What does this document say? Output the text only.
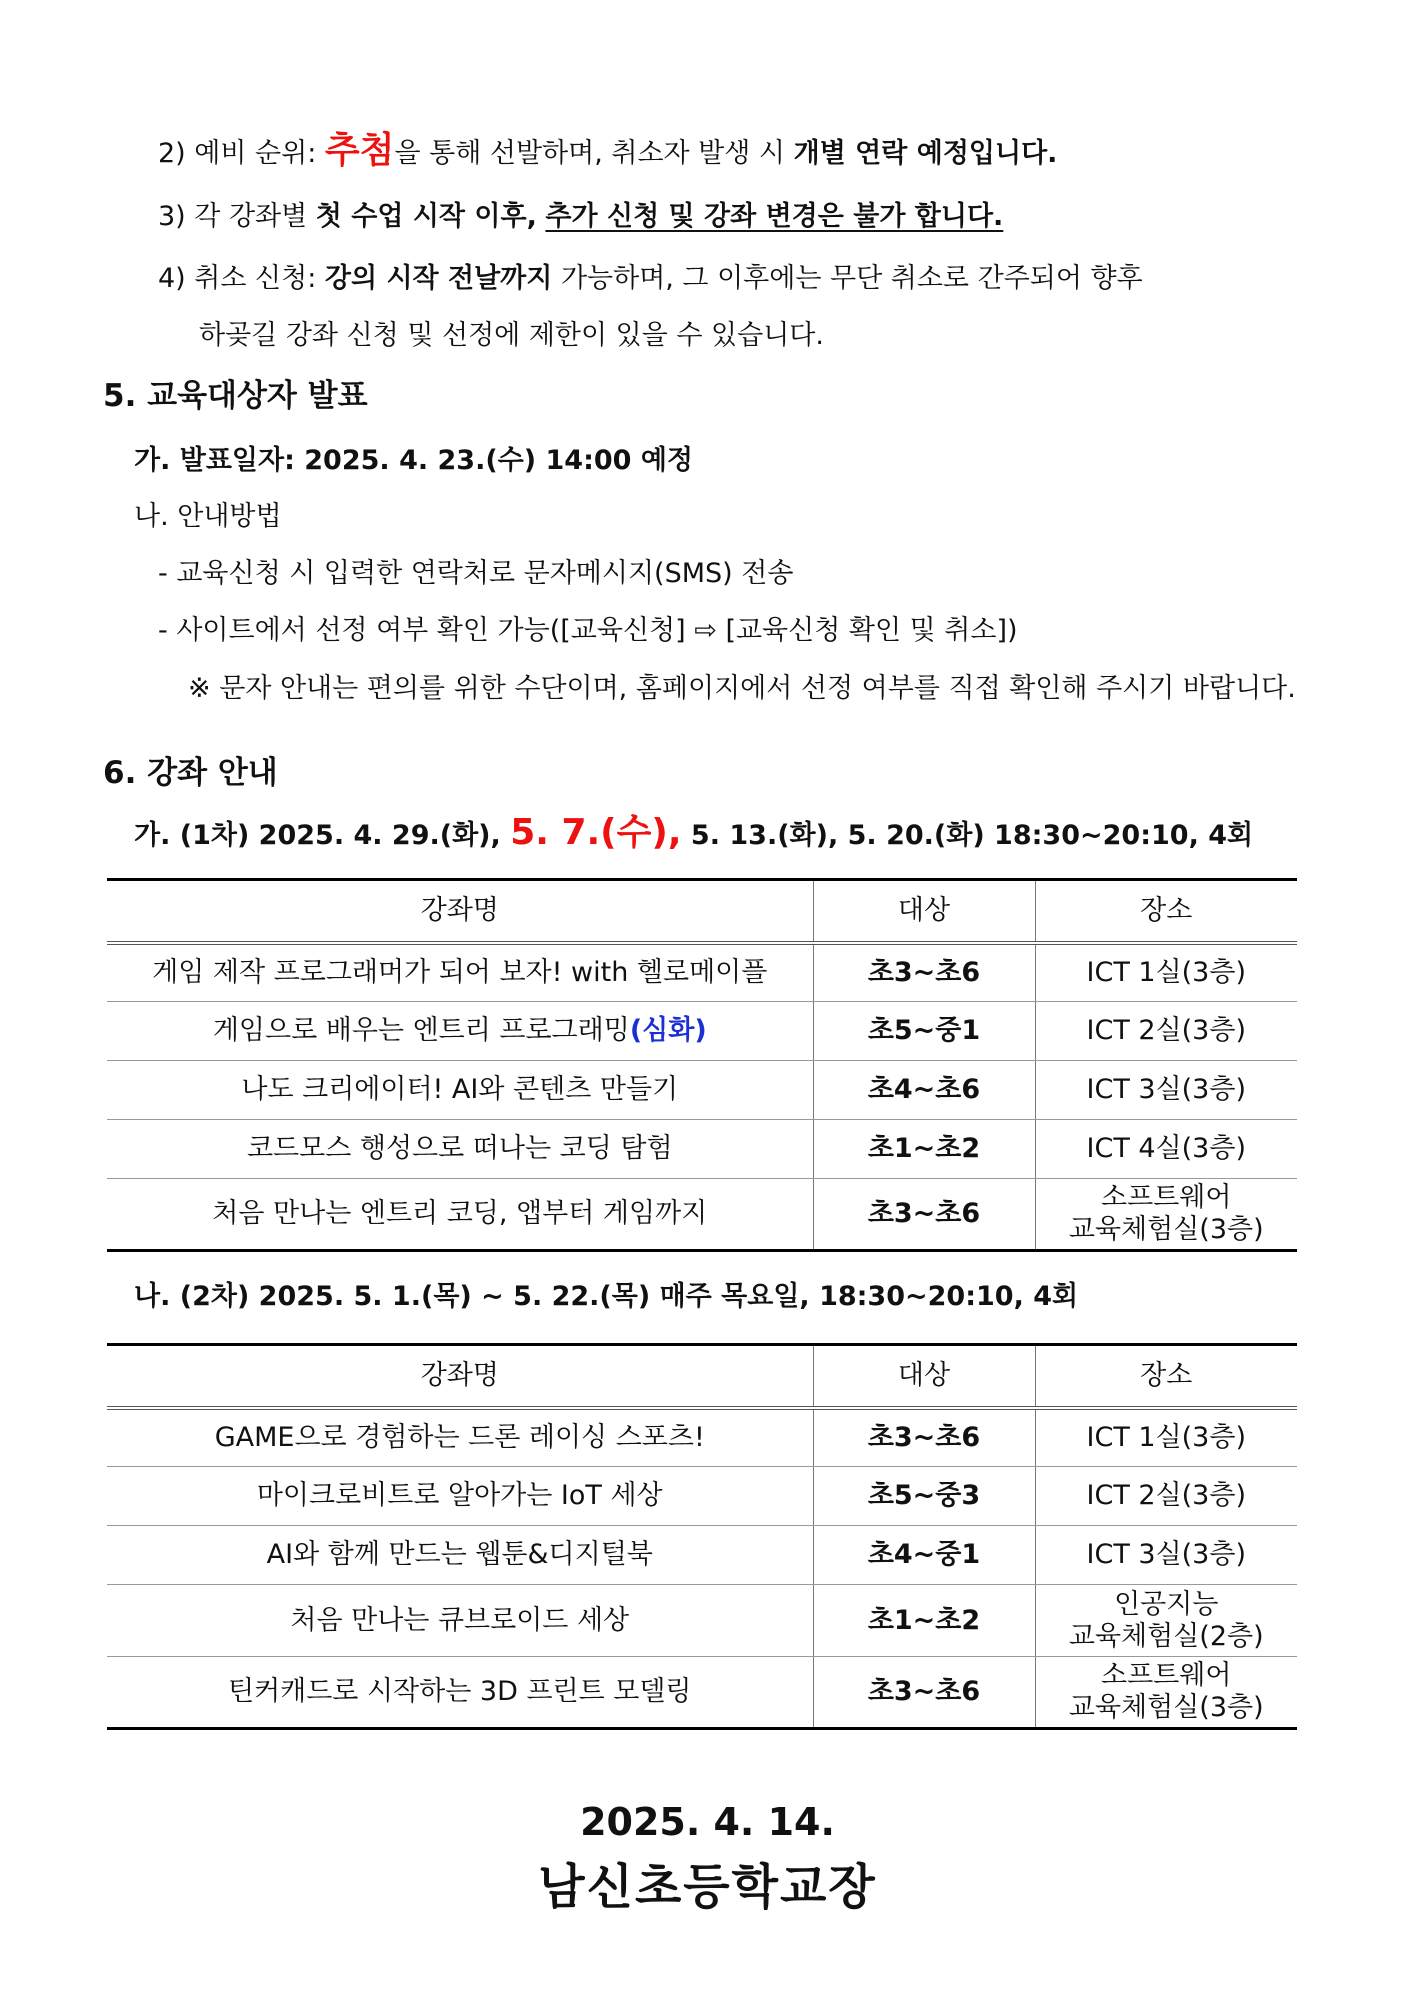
2) 예비 순위: 추첨을 통해 선발하며, 취소자 발생 시 개별 연락 예정입니다.
3) 각 강좌별 첫 수업 시작 이후, 추가 신청 및 강좌 변경은 불가 합니다.
4) 취소 신청: 강의 시작 전날까지 가능하며, 그 이후에는 무단 취소로 간주되어 향후
하곶길 강좌 신청 및 선정에 제한이 있을 수 있습니다.
5. 교육대상자 발표
가. 발표일자: 2025. 4. 23.(수) 14:00 예정
나. 안내방법
- 교육신청 시 입력한 연락처로 문자메시지(SMS) 전송
- 사이트에서 선정 여부 확인 가능([교육신청] ⇨ [교육신청 확인 및 취소])
※ 문자 안내는 편의를 위한 수단이며, 홈페이지에서 선정 여부를 직접 확인해 주시기 바랍니다.
6. 강좌 안내
가. (1차) 2025. 4. 29.(화), 5. 7.(수), 5. 13.(화), 5. 20.(화) 18:30~20:10, 4회
강좌명	대상	장소
게임 제작 프로그래머가 되어 보자! with 헬로메이플	초3~초6	ICT 1실(3층)
게임으로 배우는 엔트리 프로그래밍(심화)	초5~중1	ICT 2실(3층)
나도 크리에이터! AI와 콘텐츠 만들기	초4~초6	ICT 3실(3층)
코드모스 행성으로 떠나는 코딩 탐험	초1~초2	ICT 4실(3층)
처음 만나는 엔트리 코딩, 앱부터 게임까지	초3~초6	소프트웨어
교육체험실(3층)
나. (2차) 2025. 5. 1.(목) ~ 5. 22.(목) 매주 목요일, 18:30~20:10, 4회
강좌명	대상	장소
GAME으로 경험하는 드론 레이싱 스포츠!	초3~초6	ICT 1실(3층)
마이크로비트로 알아가는 IoT 세상	초5~중3	ICT 2실(3층)
AI와 함께 만드는 웹툰&디지털북	초4~중1	ICT 3실(3층)
처음 만나는 큐브로이드 세상	초1~초2	인공지능
교육체험실(2층)

틴커캐드로 시작하는 3D 프린트 모델링	초3~초6	소프트웨어
교육체험실(3층)
2025. 4. 14.
남신초등학교장
